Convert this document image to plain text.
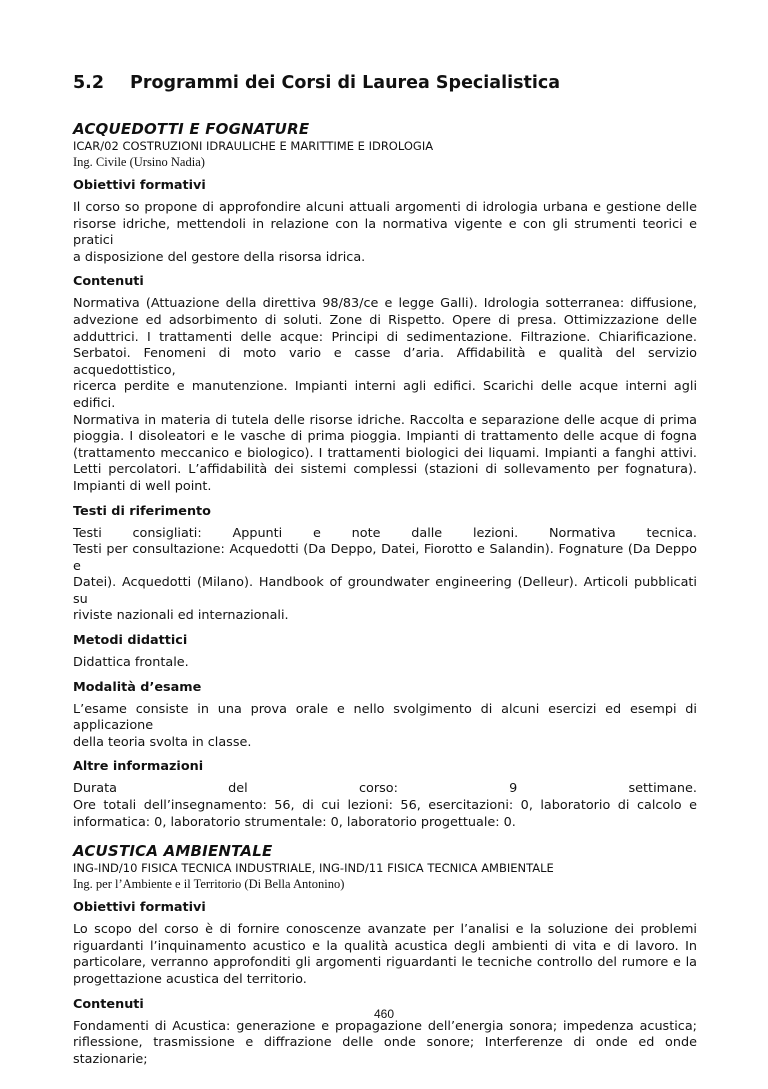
5.2 Programmi dei Corsi di Laurea Specialistica
ACQUEDOTTI E FOGNATURE
ICAR/02 COSTRUZIONI IDRAULICHE E MARITTIME E IDROLOGIA
Ing. Civile (Ursino Nadia)
Obiettivi formativi
Il corso so propone di approfondire alcuni attuali argomenti di idrologia urbana e gestione delle
risorse idriche, mettendoli in relazione con la normativa vigente e con gli strumenti teorici e pratici
a disposizione del gestore della risorsa idrica.
Contenuti
Normativa (Attuazione della direttiva 98/83/ce e legge Galli). Idrologia sotterranea: diffusione,
advezione ed adsorbimento di soluti. Zone di Rispetto. Opere di presa. Ottimizzazione delle
adduttrici. I trattamenti delle acque: Principi di sedimentazione. Filtrazione. Chiarificazione.
Serbatoi. Fenomeni di moto vario e casse d’aria. Affidabilità e qualità del servizio acquedottistico,
ricerca perdite e manutenzione. Impianti interni agli edifici. Scarichi delle acque interni agli edifici.
Normativa in materia di tutela delle risorse idriche. Raccolta e separazione delle acque di prima
pioggia. I disoleatori e le vasche di prima pioggia. Impianti di trattamento delle acque di fogna
(trattamento meccanico e biologico). I trattamenti biologici dei liquami. Impianti a fanghi attivi.
Letti percolatori. L’affidabilità dei sistemi complessi (stazioni di sollevamento per fognatura).
Impianti di well point.
Testi di riferimento
Testi consigliati: Appunti e note dalle lezioni. Normativa tecnica.
Testi per consultazione: Acquedotti (Da Deppo, Datei, Fiorotto e Salandin). Fognature (Da Deppo e
Datei). Acquedotti (Milano). Handbook of groundwater engineering (Delleur). Articoli pubblicati su
riviste nazionali ed internazionali.
Metodi didattici
Didattica frontale.
Modalità d’esame
L’esame consiste in una prova orale e nello svolgimento di alcuni esercizi ed esempi di applicazione
della teoria svolta in classe.
Altre informazioni
Durata del corso: 9 settimane.
Ore totali dell’insegnamento: 56, di cui lezioni: 56, esercitazioni: 0, laboratorio di calcolo e
informatica: 0, laboratorio strumentale: 0, laboratorio progettuale: 0.
ACUSTICA AMBIENTALE
ING-IND/10 FISICA TECNICA INDUSTRIALE, ING-IND/11 FISICA TECNICA AMBIENTALE
Ing. per l’Ambiente e il Territorio (Di Bella Antonino)
Obiettivi formativi
Lo scopo del corso è di fornire conoscenze avanzate per l’analisi e la soluzione dei problemi
riguardanti l’inquinamento acustico e la qualità acustica degli ambienti di vita e di lavoro. In
particolare, verranno approfonditi gli argomenti riguardanti le tecniche controllo del rumore e la
progettazione acustica del territorio.
Contenuti
Fondamenti di Acustica: generazione e propagazione dell’energia sonora; impedenza acustica;
riflessione, trasmissione e diffrazione delle onde sonore; Interferenze di onde ed onde stazionarie;
460
